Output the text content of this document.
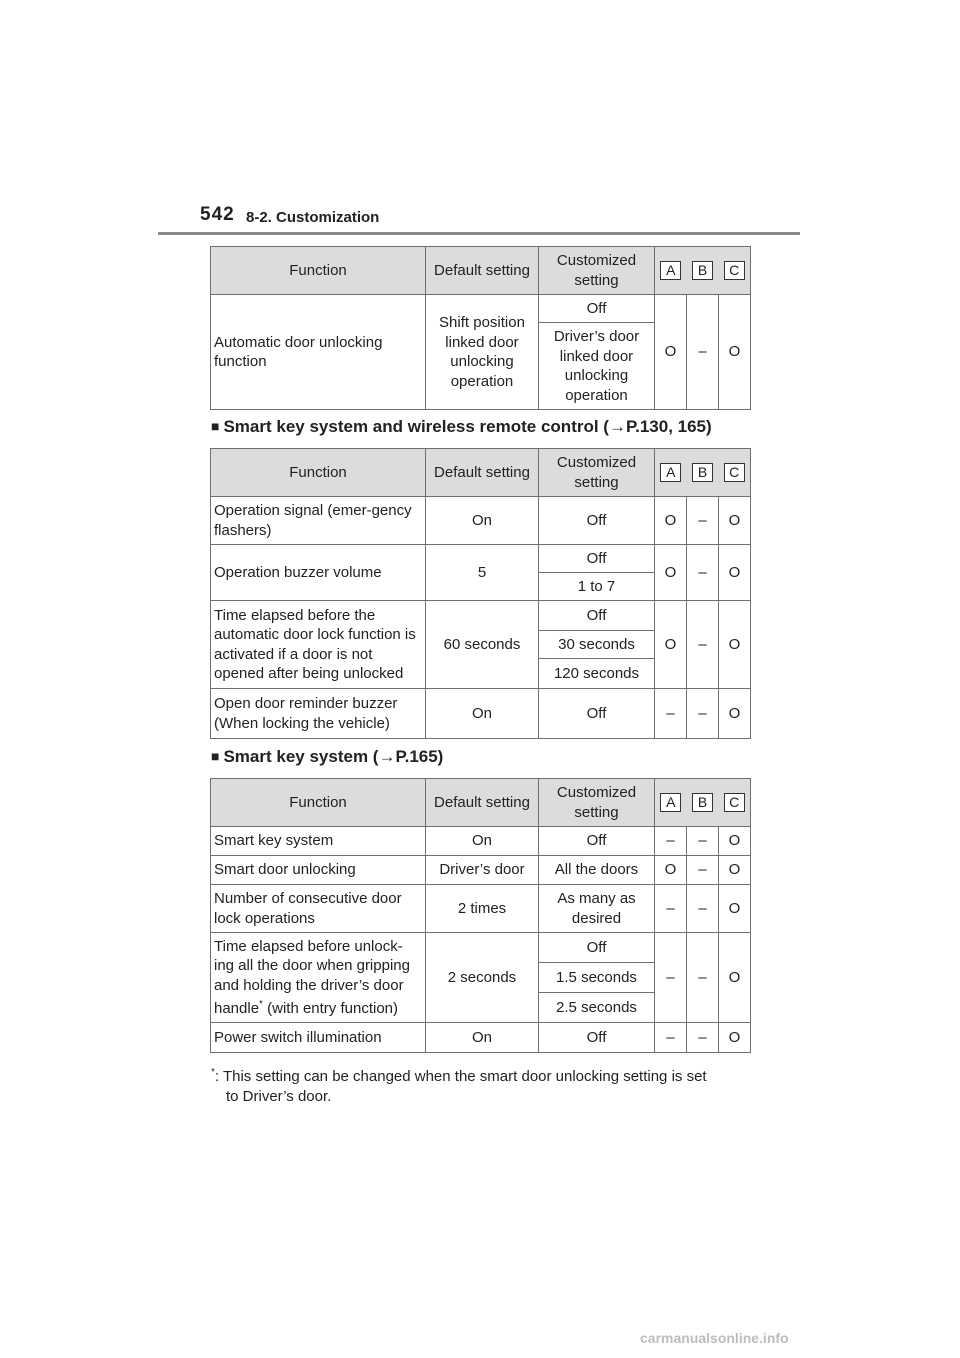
542 8-2. Customization
Function	Default setting	Customized setting	A B C		

Automatic door unlocking function	Shift position linked door unlocking operation	Off	O	–	O
		Driver’s door linked door unlocking operation			
■ Smart key system and wireless remote control (→P.130, 165)
Function	Default setting	Customized setting	A B C		

Operation signal (emer-gency flashers)	On	Off	O	–	O
Operation buzzer volume	5	Off	O	–	O
		1 to 7			
Time elapsed before the automatic door lock function is activated if a door is not opened after being unlocked	60 seconds	Off	O	–	O
		30 seconds			
		120 seconds			
Open door reminder buzzer (When locking the vehicle)	On	Off	–	–	O
■ Smart key system (→P.165)
Function	Default setting	Customized setting	A B C		

Smart key system	On	Off	–	–	O
Smart door unlocking	Driver’s door	All the doors	O	–	O
Number of consecutive door lock operations	2 times	As many as desired	–	–	O
Time elapsed before unlock-ing all the door when gripping and holding the driver’s door handle* (with entry function)	2 seconds	Off	–	–	O
		1.5 seconds			
		2.5 seconds			
Power switch illumination	On	Off	–	–	O
*: This setting can be changed when the smart door unlocking setting is set
to Driver’s door.
carmanualsonline.info
